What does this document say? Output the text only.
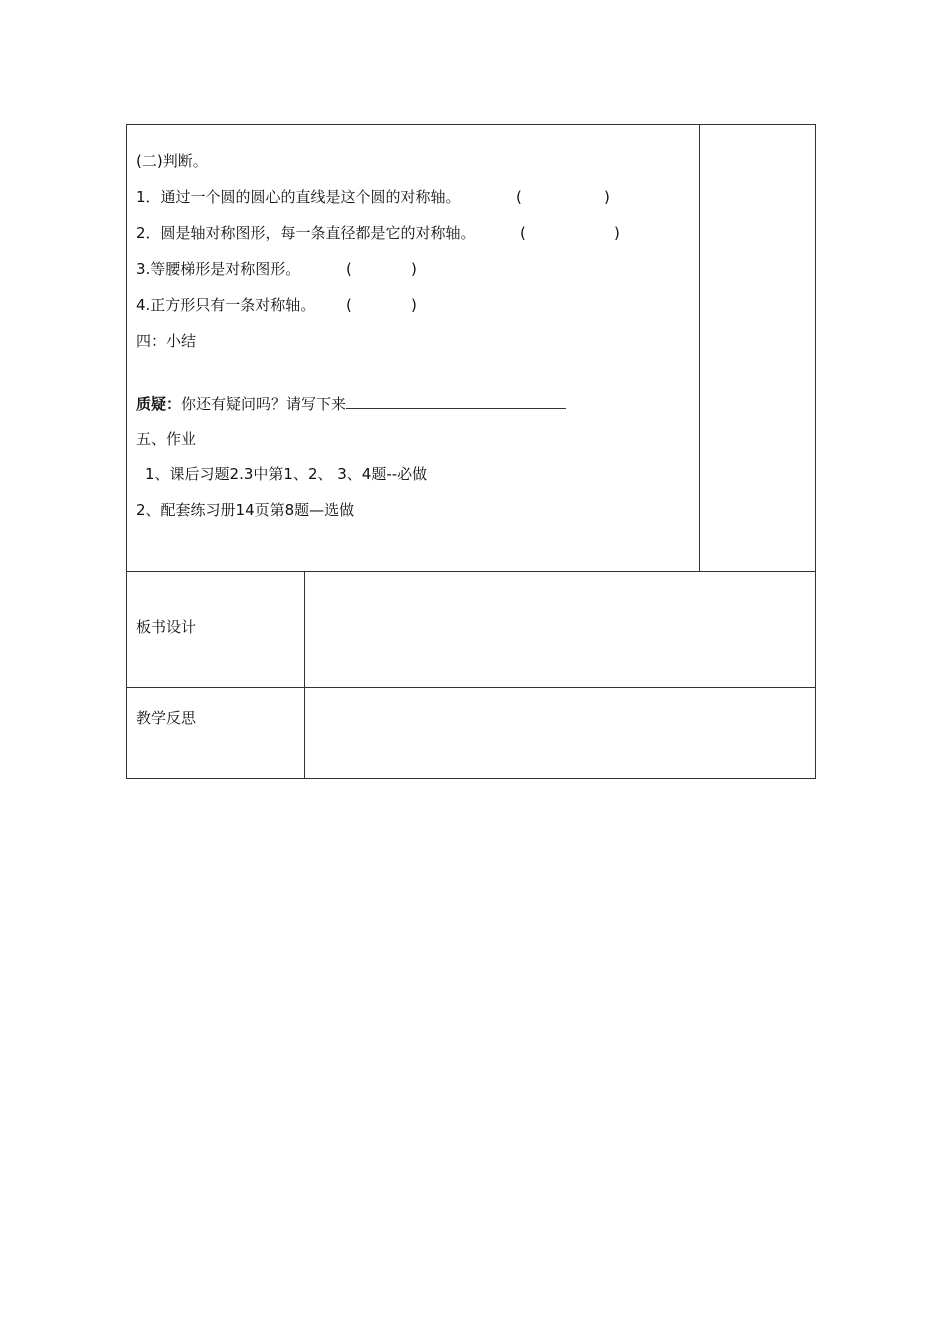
(二)判断。
1．通过一个圆的圆心的直线是这个圆的对称轴。	(	)
2．圆是轴对称图形，每一条直径都是它的对称轴。	(	)
3.等腰梯形是对称图形。	(	)
4.正方形只有一条对称轴。 (	)
四：小结
质疑：你还有疑问吗？请写下来
五、作业
1、课后习题2.3中第1、2、 3、4题--必做
2、配套练习册14页第8题—选做
板书设计
教学反思
